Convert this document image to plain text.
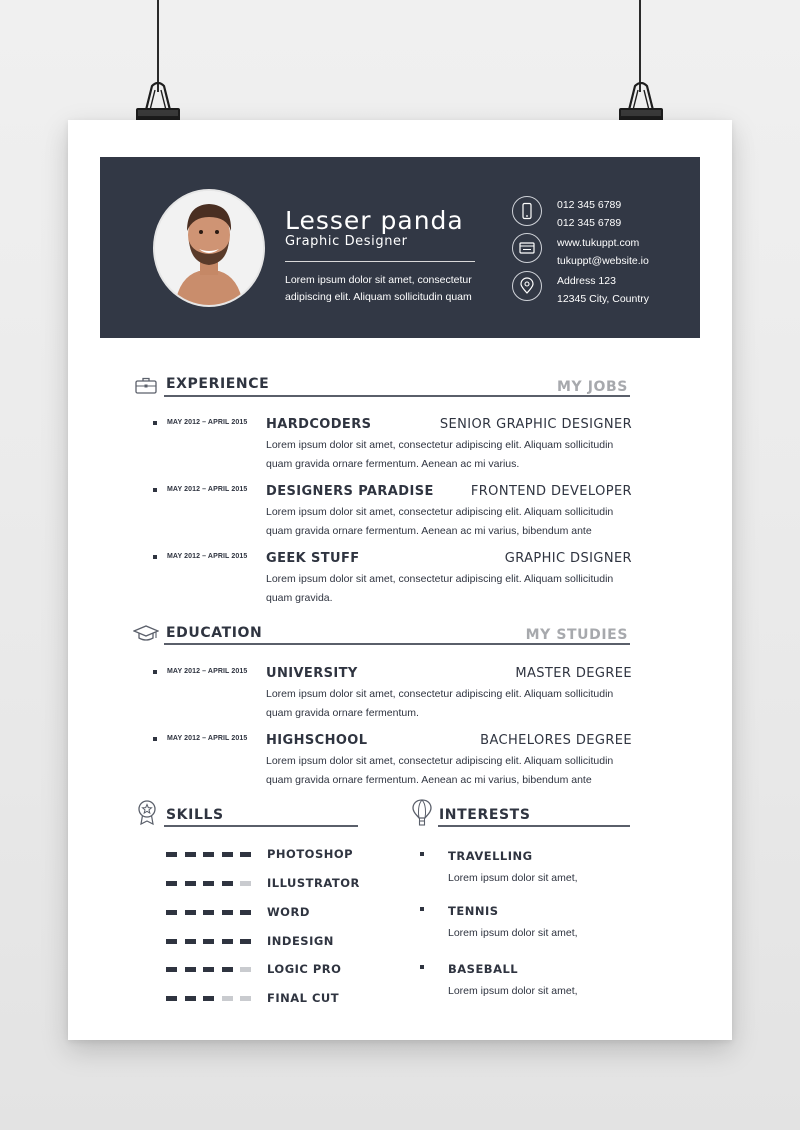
Lesser panda
Graphic Designer
Lorem ipsum dolor sit amet, consectetur adipiscing elit. Aliquam sollicitudin quam
012 345 6789
012 345 6789
www.tukuppt.com
tukuppt@website.io
Address 123
12345 City, Country
EXPERIENCE	MY JOBS
MAY 2012 – APRIL 2015 HARDCODERS	SENIOR GRAPHIC DESIGNER
Lorem ipsum dolor sit amet, consectetur adipiscing elit. Aliquam sollicitudin quam gravida ornare fermentum. Aenean ac mi varius.
MAY 2012 – APRIL 2015 DESIGNERS PARADISE	FRONTEND DEVELOPER
Lorem ipsum dolor sit amet, consectetur adipiscing elit. Aliquam sollicitudin quam gravida ornare fermentum. Aenean ac mi varius, bibendum ante
MAY 2012 – APRIL 2015 GEEK STUFF	GRAPHIC DSIGNER
Lorem ipsum dolor sit amet, consectetur adipiscing elit. Aliquam sollicitudin quam gravida.
EDUCATION	MY STUDIES
MAY 2012 – APRIL 2015 UNIVERSITY	MASTER DEGREE
Lorem ipsum dolor sit amet, consectetur adipiscing elit. Aliquam sollicitudin quam gravida ornare fermentum.
MAY 2012 – APRIL 2015 HIGHSCHOOL	BACHELORES DEGREE
Lorem ipsum dolor sit amet, consectetur adipiscing elit. Aliquam sollicitudin quam gravida ornare fermentum. Aenean ac mi varius, bibendum ante
SKILLS
PHOTOSHOP
ILLUSTRATOR
WORD
INDESIGN
LOGIC PRO
FINAL CUT
INTERESTS
TRAVELLING
Lorem ipsum dolor sit amet,
TENNIS
Lorem ipsum dolor sit amet,
BASEBALL
Lorem ipsum dolor sit amet,
